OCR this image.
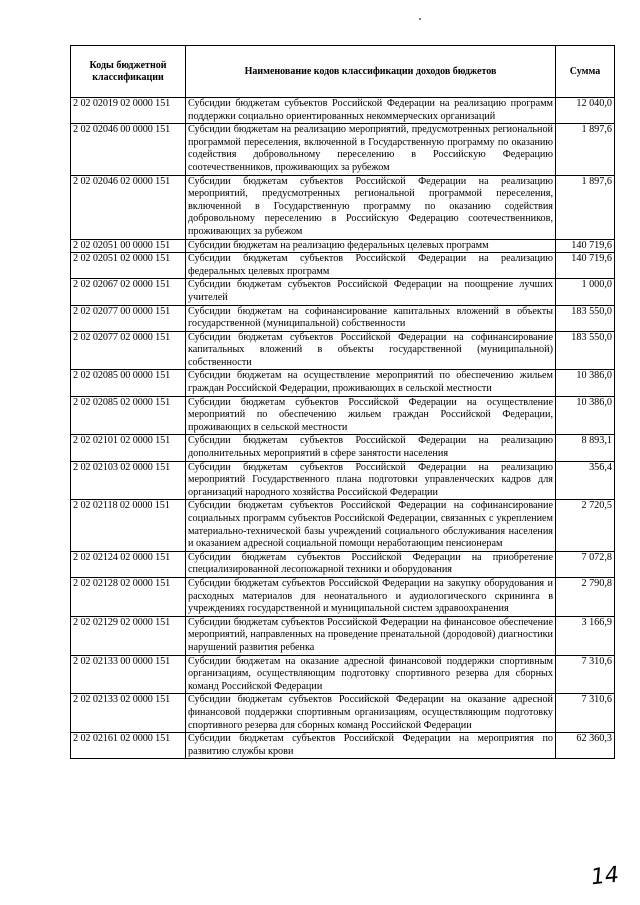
Коды бюджетной классификации	Наименование кодов классификации доходов бюджетов	Сумма
2 02 02019 02 0000 151	Субсидии бюджетам субъектов Российской Федерации на реализацию программ поддержки социально ориентированных некоммерческих организаций	12 040,0
2 02 02046 00 0000 151	Субсидии бюджетам на реализацию мероприятий, предусмотренных региональной программой переселения, включенной в Государственную программу по оказанию содействия добровольному переселению в Российскую Федерацию соотечественников, проживающих за рубежом	1 897,6
2 02 02046 02 0000 151	Субсидии бюджетам субъектов Российской Федерации на реализацию мероприятий, предусмотренных региональной программой переселения, включенной в Государственную программу по оказанию содействия добровольному переселению в Российскую Федерацию соотечественников, проживающих за рубежом	1 897,6
2 02 02051 00 0000 151	Субсидии бюджетам на реализацию федеральных целевых программ	140 719,6
2 02 02051 02 0000 151	Субсидии бюджетам субъектов Российской Федерации на реализацию федеральных целевых программ	140 719,6
2 02 02067 02 0000 151	Субсидии бюджетам субъектов Российской Федерации на поощрение лучших учителей	1 000,0
2 02 02077 00 0000 151	Субсидии бюджетам на софинансирование капитальных вложений в объекты государственной (муниципальной) собственности	183 550,0
2 02 02077 02 0000 151	Субсидии бюджетам субъектов Российской Федерации на софинансирование капитальных вложений в объекты государственной (муниципальной) собственности	183 550,0
2 02 02085 00 0000 151	Субсидии бюджетам на осуществление мероприятий по обеспечению жильем граждан Российской Федерации, проживающих в сельской местности	10 386,0
2 02 02085 02 0000 151	Субсидии бюджетам субъектов Российской Федерации на осуществление мероприятий по обеспечению жильем граждан Российской Федерации, проживающих в сельской местности	10 386,0
2 02 02101 02 0000 151	Субсидии бюджетам субъектов Российской Федерации на реализацию дополнительных мероприятий в сфере занятости населения	8 893,1
2 02 02103 02 0000 151	Субсидии бюджетам субъектов Российской Федерации на реализацию мероприятий Государственного плана подготовки управленческих кадров для организаций народного хозяйства Российской Федерации	356,4
2 02 02118 02 0000 151	Субсидии бюджетам субъектов Российской Федерации на софинансирование социальных программ субъектов Российской Федерации, связанных с укреплением материально-технической базы учреждений социального обслуживания населения и оказанием адресной социальной помощи неработающим пенсионерам	2 720,5
2 02 02124 02 0000 151	Субсидии бюджетам субъектов Российской Федерации на приобретение специализированной лесопожарной техники и оборудования	7 072,8
2 02 02128 02 0000 151	Субсидии бюджетам субъектов Российской Федерации на закупку оборудования и расходных материалов для неонатального и аудиологического скрининга в учреждениях государственной и муниципальной систем здравоохранения	2 790,8
2 02 02129 02 0000 151	Субсидии бюджетам субъектов Российской Федерации на финансовое обеспечение мероприятий, направленных на проведение пренатальной (дородовой) диагностики нарушений развития ребенка	3 166,9
2 02 02133 00 0000 151	Субсидии бюджетам на оказание адресной финансовой поддержки спортивным организациям, осуществляющим подготовку спортивного резерва для сборных команд Российской Федерации	7 310,6
2 02 02133 02 0000 151	Субсидии бюджетам субъектов Российской Федерации на оказание адресной финансовой поддержки спортивным организациям, осуществляющим подготовку спортивного резерва для сборных команд Российской Федерации	7 310,6
2 02 02161 02 0000 151	Субсидии бюджетам субъектов Российской Федерации на мероприятия по развитию службы крови	62 360,3
14
